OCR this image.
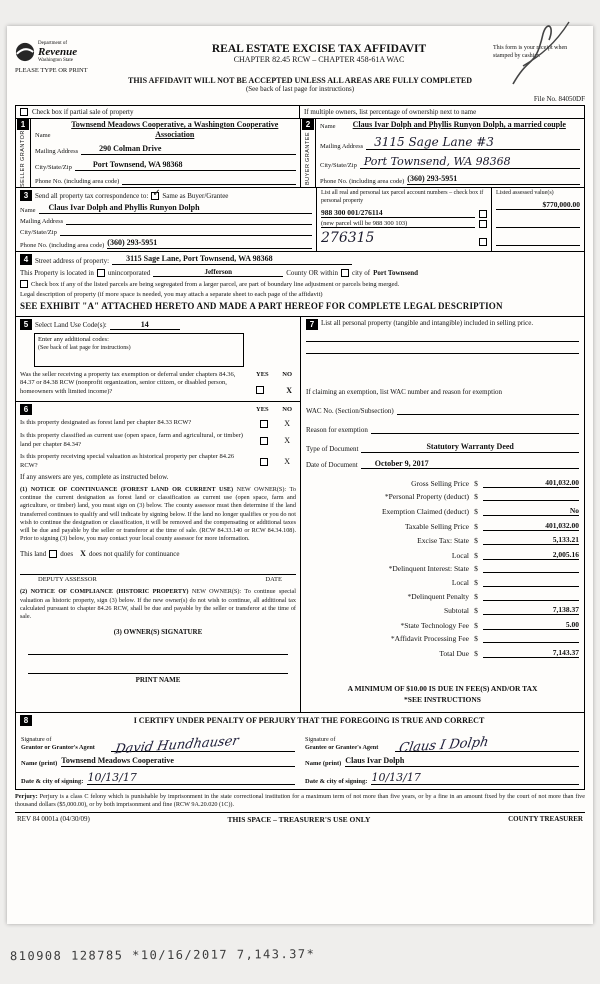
Department of
Revenue
Washington State
PLEASE TYPE OR PRINT
REAL ESTATE EXCISE TAX AFFIDAVIT
CHAPTER 82.45 RCW – CHAPTER 458-61A WAC
This form is your receipt when stamped by cashier.
THIS AFFIDAVIT WILL NOT BE ACCEPTED UNLESS ALL AREAS ARE FULLY COMPLETED
(See back of last page for instructions)
File No. 84050DF
Check box if partial sale of property	If multiple owners, list percentage of ownership next to name
1
SELLER
GRANTOR Name
Townsend Meadows Cooperative, a Washington Cooperative Association
Mailing Address	290 Colman Drive
City/State/Zip	Port Townsend, WA 98368
Phone No. (including area code)
2
BUYER
GRANTEE
Name	Claus Ivar Dolph and Phyllis Runyon Dolph, a married couple
Mailing Address 3115 Sage Lane #3
City/State/Zip Port Townsend, WA 98368
Phone No. (including area code) (360) 293-5951
3 Send all property tax correspondence to: ✓ Same as Buyer/Grantee
Name	Claus Ivar Dolph and Phyllis Runyon Dolph
Mailing Address
City/State/Zip
Phone No. (including area code) (360) 293-5951
List all real and personal tax parcel account numbers – check box if personal property
988 300 001/276114
(new parcel will be 988 300 103)
276315
Listed assessed value(s)
$770,000.00
4 Street address of property:	3115 Sage Lane, Port Townsend, WA 98368
This Property is located in unincorporated	Jefferson	County OR within city of Port Townsend
Check box if any of the listed parcels are being segregated from a larger parcel, are part of boundary line adjustment or parcels being merged.
Legal description of property (if more space is needed, you may attach a separate sheet to each page of the affidavit)
SEE EXHIBIT "A" ATTACHED HERETO AND MADE A PART HEREOF FOR COMPLETE LEGAL DESCRIPTION
5 Select Land Use Code(s):	14
Enter any additional codes:
(See back of last page for instructions)
Was the seller receiving a property tax exemption or deferral under chapters 84.36, 84.37 or 84.38 RCW (nonprofit organization, senior citizen, or disabled person, homeowners with limited income)?
YES NO
X
6	YES NO
Is this property designated as forest land per chapter 84.33 RCW?	X
Is this property classified as current use (open space, farm and agricultural, or timber) land per chapter 84.34?	X
Is this property receiving special valuation as historical property per chapter 84.26 RCW?	X
If any answers are yes, complete as instructed below.

(1) NOTICE OF CONTINUANCE (FOREST LAND OR CURRENT USE) NEW OWNER(S): To continue the current designation as forest land or classification as current use (open space, farm and agriculture, or timber) land, you must sign on (3) below. The county assessor must then determine if the land transferred continues to qualify and will indicate by signing below. If the land no longer qualifies or you do not wish to continue the designation or classification, it will be removed and the compensating or additional taxes will be due and payable by the seller or transferor at the time of sale. (RCW 84.33.140 or RCW 84.34.108). Prior to signing (3) below, you may contact your local county assessor for more information.

This land does X does not qualify for continuance
DEPUTY ASSESSOR	DATE

(2) NOTICE OF COMPLIANCE (HISTORIC PROPERTY) NEW OWNER(S): To continue special valuation as historic property, sign (3) below. If the new owner(s) do not wish to continue, all additional tax calculated pursuant to chapter 84.26 RCW, shall be due and payable by the seller or transferor at the time of sale.

(3) OWNER(S) SIGNATURE
PRINT NAME
7 List all personal property (tangible and intangible) included in selling price.
If claiming an exemption, list WAC number and reason for exemption
WAC No. (Section/Subsection)
Reason for exemption
Type of Document	Statutory Warranty Deed
Date of Document	October 9, 2017
Gross Selling Price $	401,032.00
*Personal Property (deduct) $
Exemption Claimed (deduct) $	No
Taxable Selling Price $	401,032.00
Excise Tax: State $	5,133.21
Local $	2,005.16
*Delinquent Interest: State $
Local $
*Delinquent Penalty $
Subtotal $	7,138.37
*State Technology Fee $	5.00
*Affidavit Processing Fee $
Total Due $	7,143.37
A MINIMUM OF $10.00 IS DUE IN FEE(S) AND/OR TAX
*SEE INSTRUCTIONS
8	I CERTIFY UNDER PENALTY OF PERJURY THAT THE FOREGOING IS TRUE AND CORRECT
Signature of
Grantor or Grantor's Agent	David Hundhauser
Name (print) Townsend Meadows Cooperative
Date & city of signing: 10/13/17
Signature of
Grantee or Grantee's Agent	Claus I Dolph
Name (print) Claus Ivar Dolph
Date & city of signing: 10/13/17

Perjury: Perjury is a class C felony which is punishable by imprisonment in the state correctional institution for a maximum term of not more than five years, or by a fine in an amount fixed by the court of not more than five thousand dollars ($5,000.00), or by both imprisonment and fine (RCW 9A.20.020 (1C)).

REV 84 0001a (04/30/09)	THIS SPACE – TREASURER'S USE ONLY	COUNTY TREASURER
810908 128785 *10/16/2017 7,143.37*
